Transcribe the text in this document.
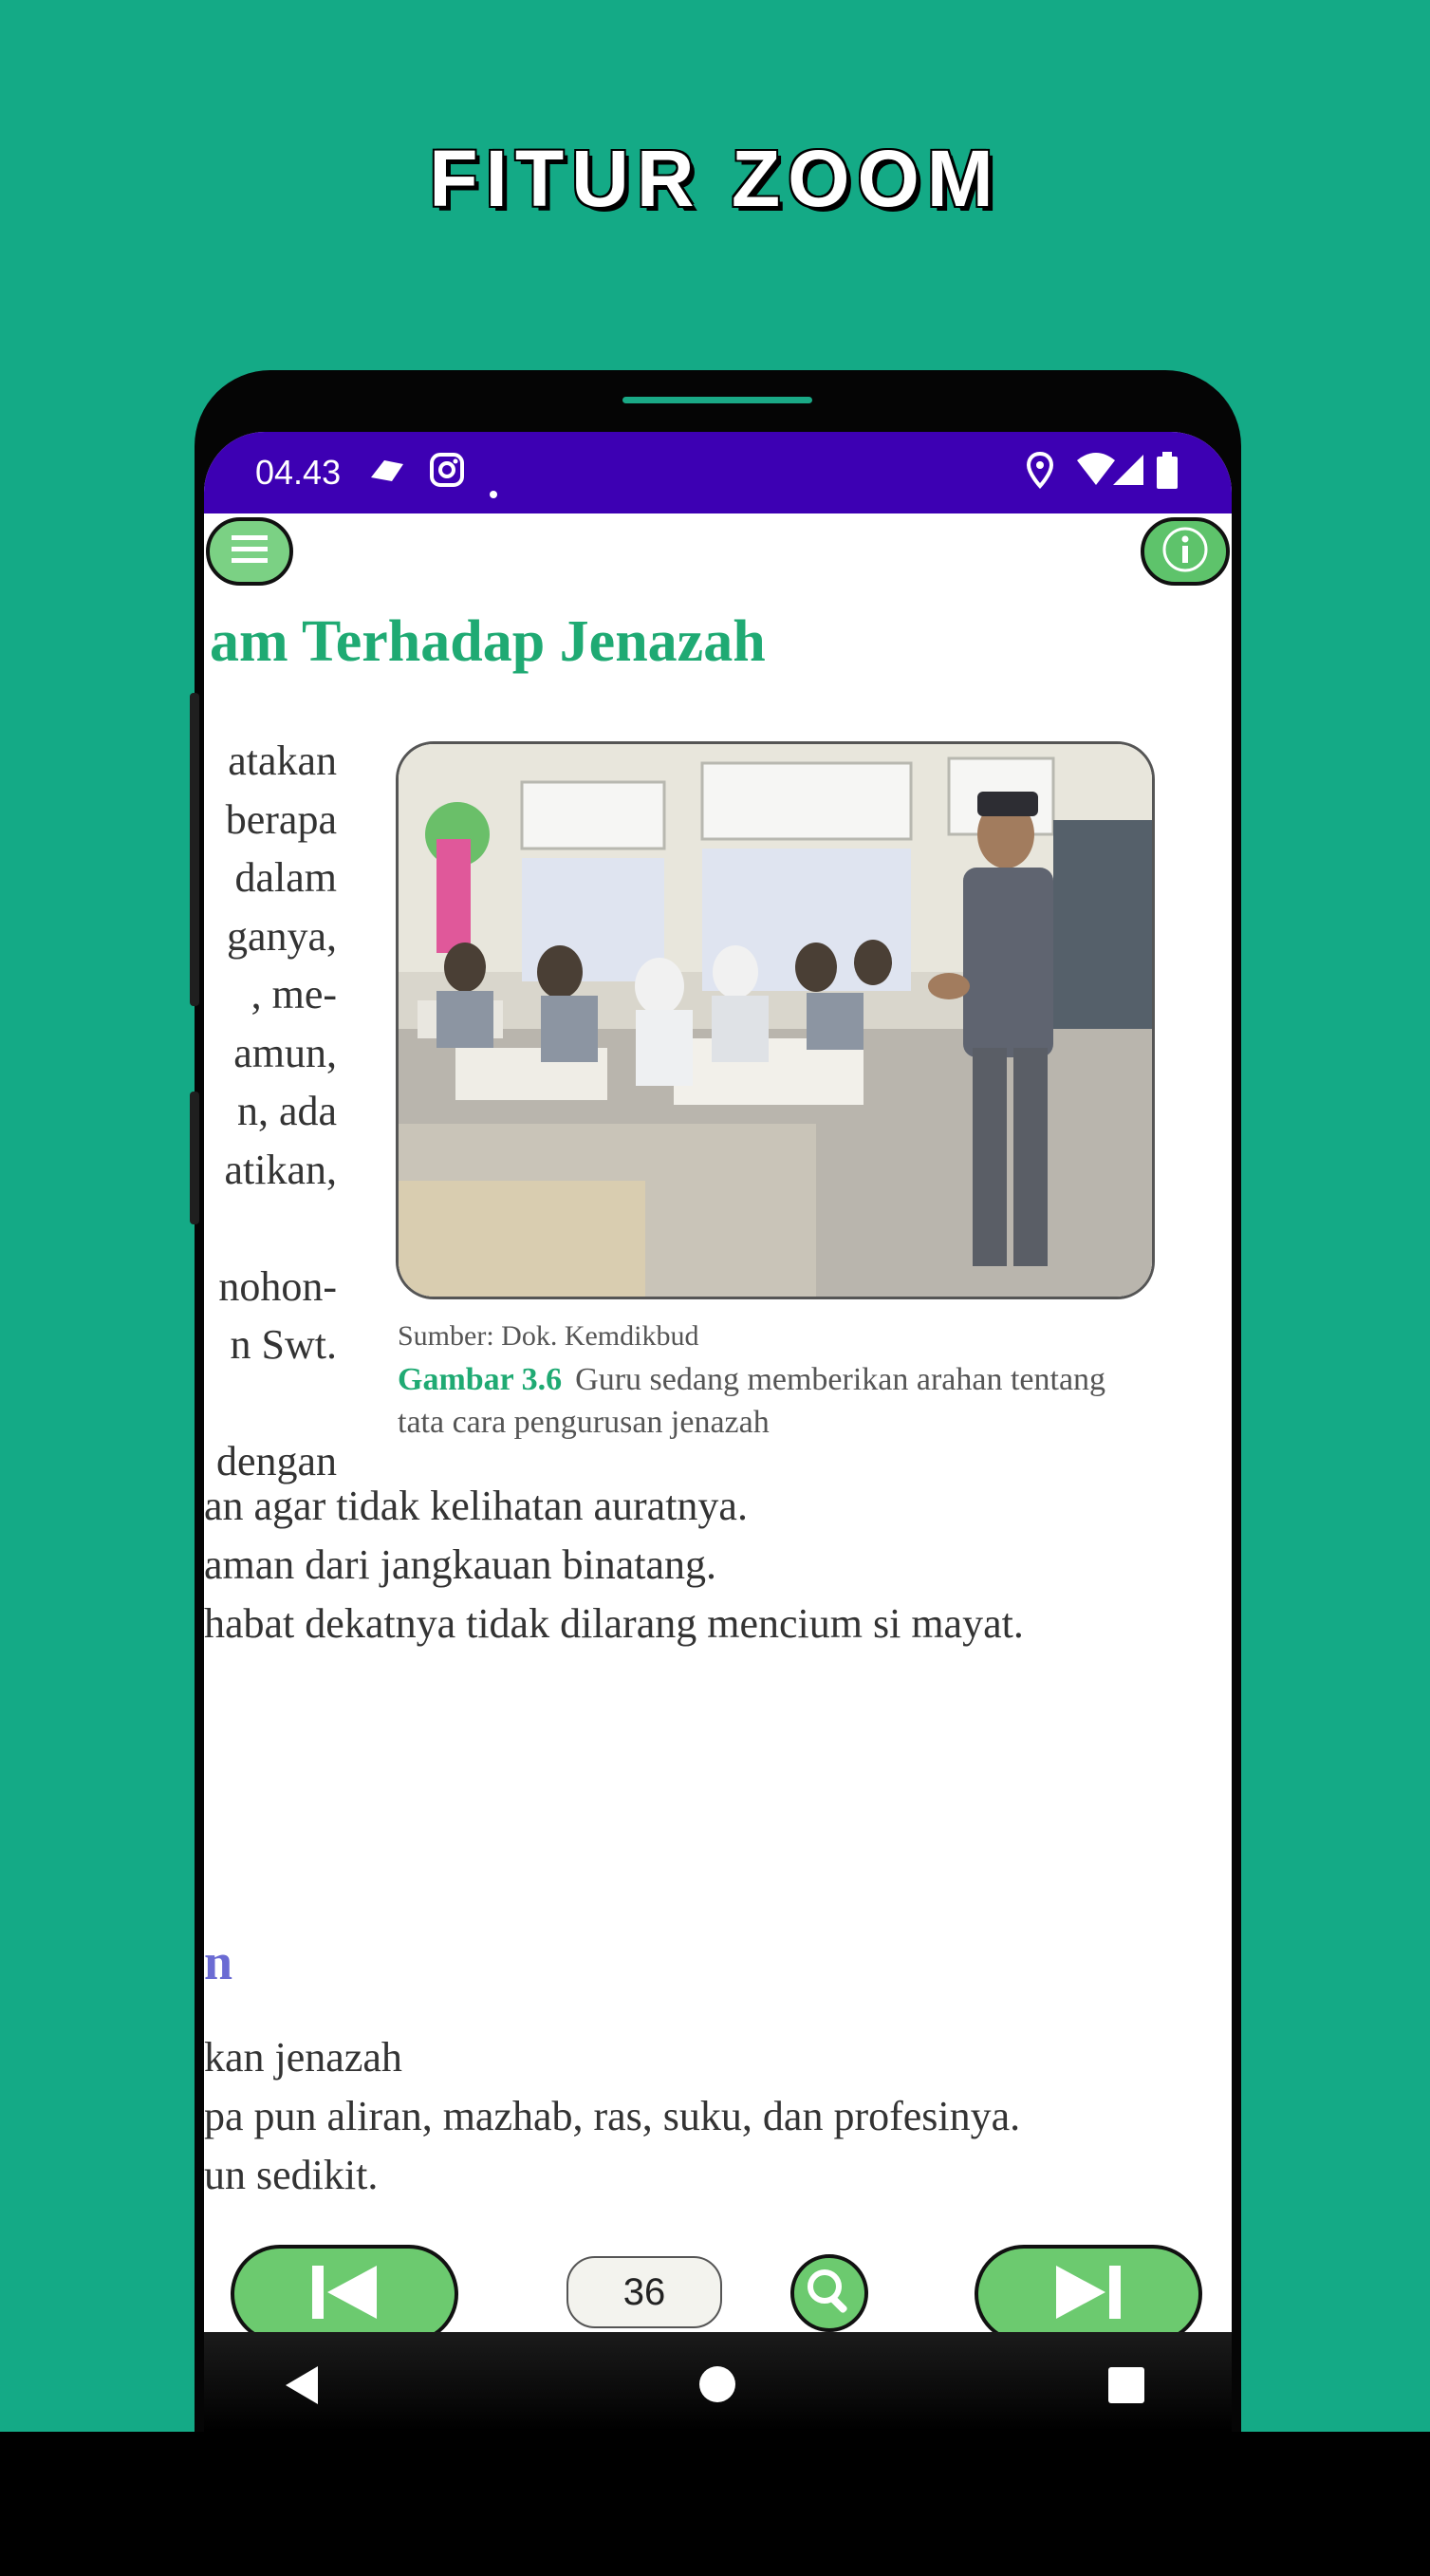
FITUR ZOOM
04.43
am Terhadap Jenazah
atakan
berapa
dalam
ganya,
, me-
amun,
n, ada
atikan,

nohon-
n Swt.

dengan
Sumber: Dok. Kemdikbud
Gambar 3.6 Guru sedang memberikan arahan tentang tata cara pengurusan jenazah
an agar tidak kelihatan auratnya.
aman dari jangkauan binatang.
habat dekatnya tidak dilarang mencium si mayat.
n
kan jenazah
pa pun aliran, mazhab, ras, suku, dan profesinya.
un sedikit.
36
